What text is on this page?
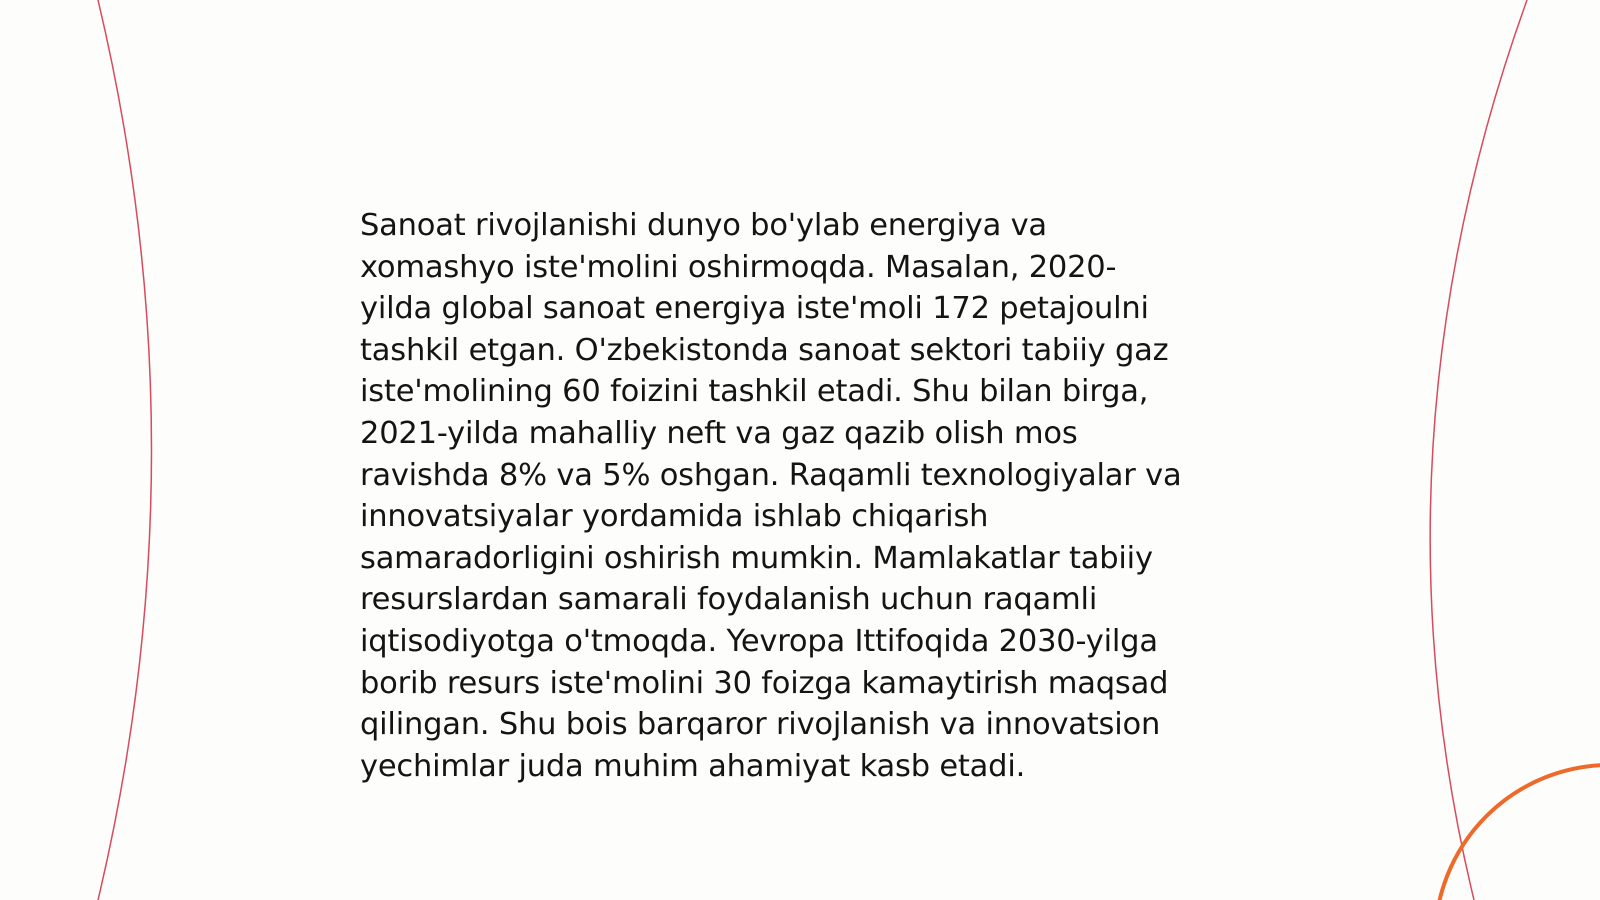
Sanoat rivojlanishi dunyo bo'ylab energiya va
xomashyo iste'molini oshirmoqda. Masalan, 2020-
yilda global sanoat energiya iste'moli 172 petajoulni
tashkil etgan. O'zbekistonda sanoat sektori tabiiy gaz
iste'molining 60 foizini tashkil etadi. Shu bilan birga,
2021-yilda mahalliy neft va gaz qazib olish mos
ravishda 8% va 5% oshgan. Raqamli texnologiyalar va
innovatsiyalar yordamida ishlab chiqarish
samaradorligini oshirish mumkin. Mamlakatlar tabiiy
resurslardan samarali foydalanish uchun raqamli
iqtisodiyotga o'tmoqda. Yevropa Ittifoqida 2030-yilga
borib resurs iste'molini 30 foizga kamaytirish maqsad
qilingan. Shu bois barqaror rivojlanish va innovatsion
yechimlar juda muhim ahamiyat kasb etadi.
